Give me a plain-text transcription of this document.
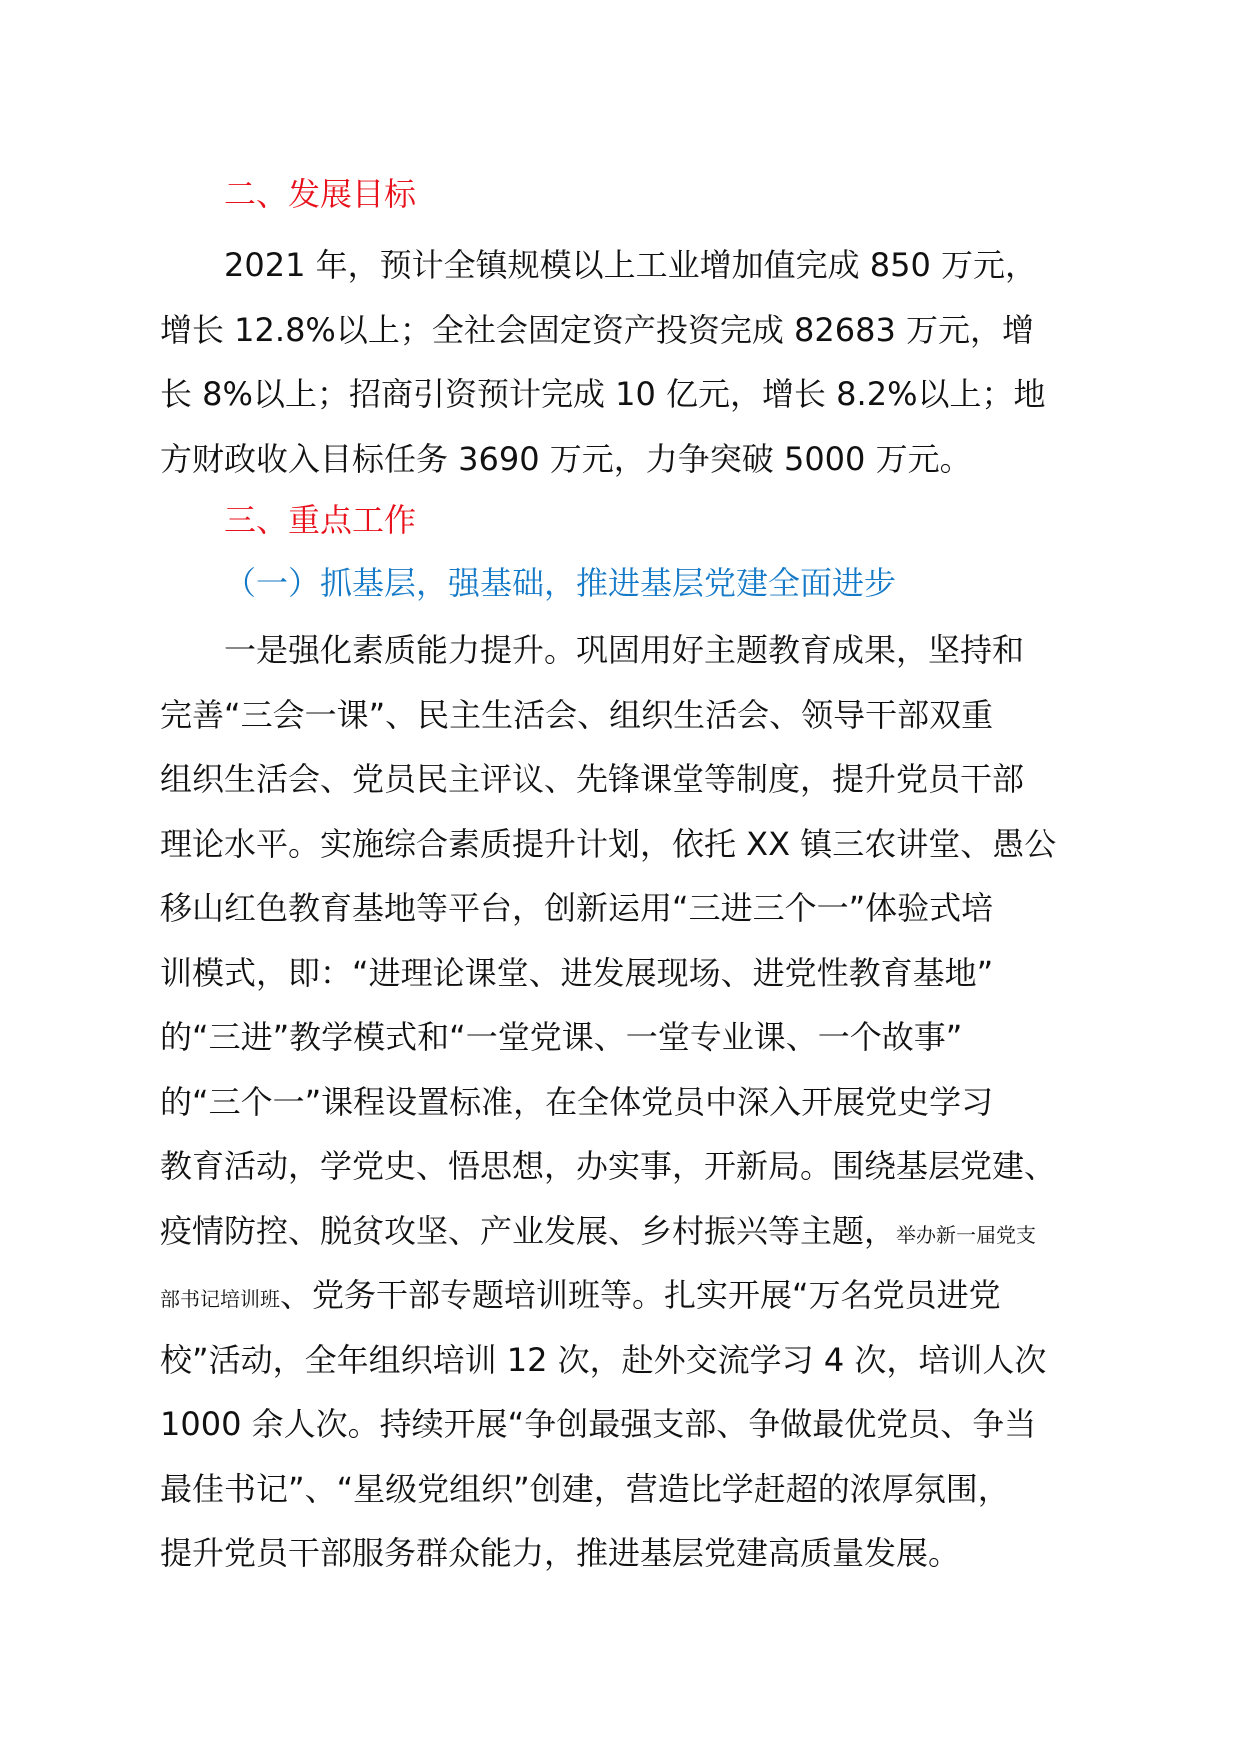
二、发展目标
2021 年，预计全镇规模以上工业增加值完成 850 万元，
增长 12.8%以上；全社会固定资产投资完成 82683 万元，增
长 8%以上；招商引资预计完成 10 亿元，增长 8.2%以上；地
方财政收入目标任务 3690 万元，力争突破 5000 万元。
三、重点工作
（一）抓基层，强基础，推进基层党建全面进步
一是强化素质能力提升。巩固用好主题教育成果，坚持和
完善“三会一课”、民主生活会、组织生活会、领导干部双重
组织生活会、党员民主评议、先锋课堂等制度，提升党员干部
理论水平。实施综合素质提升计划，依托 XX 镇三农讲堂、愚公
移山红色教育基地等平台，创新运用“三进三个一”体验式培
训模式，即：“进理论课堂、进发展现场、进党性教育基地”
的“三进”教学模式和“一堂党课、一堂专业课、一个故事”
的“三个一”课程设置标准，在全体党员中深入开展党史学习
教育活动，学党史、悟思想，办实事，开新局。围绕基层党建、
疫情防控、脱贫攻坚、产业发展、乡村振兴等主题，举办新一届党支
部书记培训班、党务干部专题培训班等。扎实开展“万名党员进党
校”活动，全年组织培训 12 次，赴外交流学习 4 次，培训人次
1000 余人次。持续开展“争创最强支部、争做最优党员、争当
最佳书记”、“星级党组织”创建，营造比学赶超的浓厚氛围，
提升党员干部服务群众能力，推进基层党建高质量发展。
